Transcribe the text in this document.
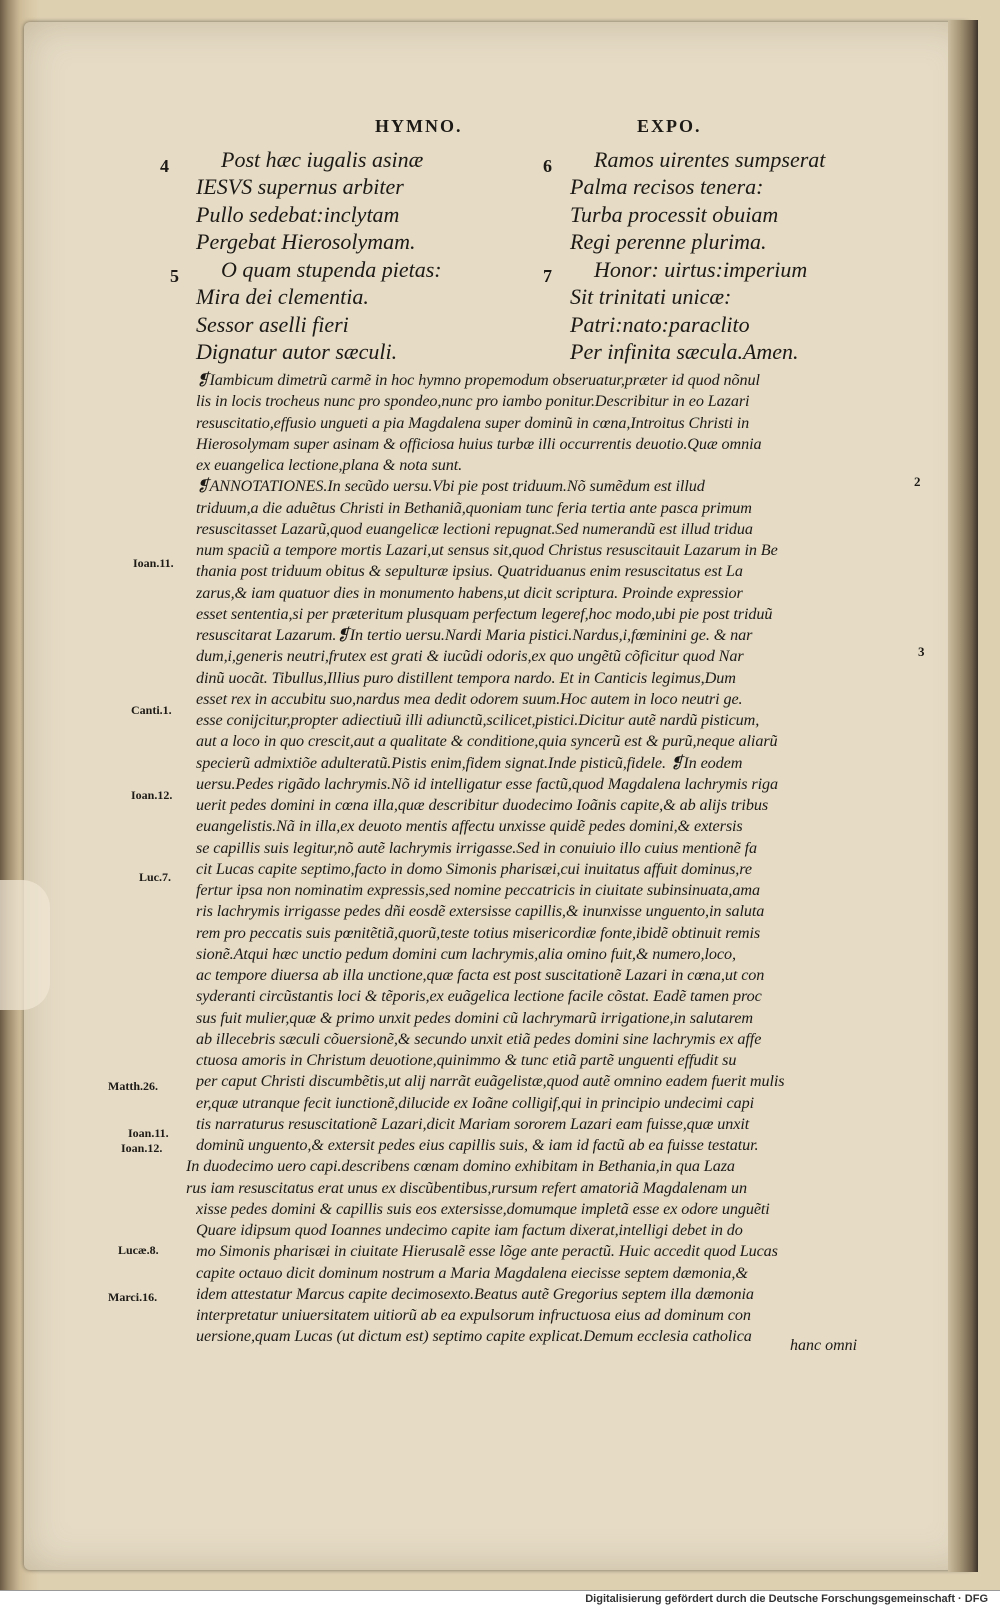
HYMNO.	EXPO.
4	Post hæc iugalis asinæ
IESVS supernus arbiter
Pullo sedebat:inclytam
Pergebat Hierosolymam.
5	O quam stupenda pietas:
Mira dei clementia.
Sessor aselli fieri
Dignatur autor sæculi.
6	Ramos uirentes sumpserat
Palma recisos tenera:
Turba processit obuiam
Regi perenne plurima.
7	Honor: uirtus:imperium
Sit trinitati unicæ:
Patri:nato:paraclito
Per infinita sæcula.Amen.
❡Iambicum dimetrũ carmẽ in hoc hymno propemodum obseruatur,præter id quod nõnul
lis in locis trocheus nunc pro spondeo,nunc pro iambo ponitur.Describitur in eo Lazari
resuscitatio,effusio ungueti a pia Magdalena super dominũ in cœna,Introitus Christi in
Hierosolymam super asinam & officiosa huius turbæ illi occurrentis deuotio.Quæ omnia
ex euangelica lectione,plana & nota sunt.
❡ANNOTATIONES.In secũdo uersu.Vbi pie post triduum.Nõ sumẽdum est illud
triduum,a die aduẽtus Christi in Bethaniã,quoniam tunc feria tertia ante pasca primum
resuscitasset Lazarũ,quod euangelicæ lectioni repugnat.Sed numerandũ est illud tridua
num spaciũ a tempore mortis Lazari,ut sensus sit,quod Christus resuscitauit Lazarum in Be
thania post triduum obitus & sepulturæ ipsius. Quatriduanus enim resuscitatus est La
zarus,& iam quatuor dies in monumento habens,ut dicit scriptura. Proinde expressior
esset sententia,si per præteritum plusquam perfectum legeref,hoc modo,ubi pie post triduũ
resuscitarat Lazarum.❡In tertio uersu.Nardi Maria pistici.Nardus,i,fœminini ge. & nar
dum,i,generis neutri,frutex est grati & iucũdi odoris,ex quo ungẽtũ cõficitur quod Nar
dinũ uocãt. Tibullus,Illius puro distillent tempora nardo. Et in Canticis legimus,Dum
esset rex in accubitu suo,nardus mea dedit odorem suum.Hoc autem in loco neutri ge.
esse conijcitur,propter adiectiuũ illi adiunctũ,scilicet,pistici.Dicitur autẽ nardũ pisticum,
aut a loco in quo crescit,aut a qualitate & conditione,quia syncerũ est & purũ,neque aliarũ
specierũ admixtiõe adulteratũ.Pistis enim,fidem signat.Inde pisticũ,fidele. ❡In eodem
uersu.Pedes rigãdo lachrymis.Nõ id intelligatur esse factũ,quod Magdalena lachrymis riga
uerit pedes domini in cœna illa,quæ describitur duodecimo Ioãnis capite,& ab alijs tribus
euangelistis.Nã in illa,ex deuoto mentis affectu unxisse quidẽ pedes domini,& extersis
se capillis suis legitur,nõ autẽ lachrymis irrigasse.Sed in conuiuio illo cuius mentionẽ fa
cit Lucas capite septimo,facto in domo Simonis pharisæi,cui inuitatus affuit dominus,re
fertur ipsa non nominatim expressis,sed nomine peccatricis in ciuitate subinsinuata,ama
ris lachrymis irrigasse pedes dñi eosdẽ extersisse capillis,& inunxisse unguento,in saluta
rem pro peccatis suis pœnitẽtiã,quorũ,teste totius misericordiæ fonte,ibidẽ obtinuit remis
sionẽ.Atqui hæc unctio pedum domini cum lachrymis,alia omino fuit,& numero,loco,
ac tempore diuersa ab illa unctione,quæ facta est post suscitationẽ Lazari in cœna,ut con
syderanti circũstantis loci & tẽporis,ex euãgelica lectione facile cõstat. Eadẽ tamen proc
sus fuit mulier,quæ & primo unxit pedes domini cũ lachrymarũ irrigatione,in salutarem
ab illecebris sæculi cõuersionẽ,& secundo unxit etiã pedes domini sine lachrymis ex affe
ctuosa amoris in Christum deuotione,quinimmo & tunc etiã partẽ unguenti effudit su
per caput Christi discumbẽtis,ut alij narrãt euãgelistæ,quod autẽ omnino eadem fuerit mulis
er,quæ utranque fecit iunctionẽ,dilucide ex Ioãne colligif,qui in principio undecimi capi
tis narraturus resuscitationẽ Lazari,dicit Mariam sororem Lazari eam fuisse,quæ unxit
dominũ unguento,& extersit pedes eius capillis suis, & iam id factũ ab ea fuisse testatur.
In duodecimo uero capi.describens cœnam domino exhibitam in Bethania,in qua Laza
rus iam resuscitatus erat unus ex discũbentibus,rursum refert amatoriã Magdalenam un
xisse pedes domini & capillis suis eos extersisse,domumque impletã esse ex odore unguẽti
Quare idipsum quod Ioannes undecimo capite iam factum dixerat,intelligi debet in do
mo Simonis pharisæi in ciuitate Hierusalẽ esse lõge ante peractũ. Huic accedit quod Lucas
capite octauo dicit dominum nostrum a Maria Magdalena eiecisse septem dæmonia,&
idem attestatur Marcus capite decimosexto.Beatus autẽ Gregorius septem illa dæmonia
interpretatur uniuersitatem uitiorũ ab ea expulsorum infructuosa eius ad dominum con
uersione,quam Lucas (ut dictum est) septimo capite explicat.Demum ecclesia catholica
Ioan.11.
Canti.1.
Ioan.12.
Luc.7.
Matth.26.
Ioan.11.
Ioan.12.
Lucæ.8.
Marci.16.
2
3
hanc omni
Digitalisierung gefördert durch die Deutsche Forschungsgemeinschaft · DFG
